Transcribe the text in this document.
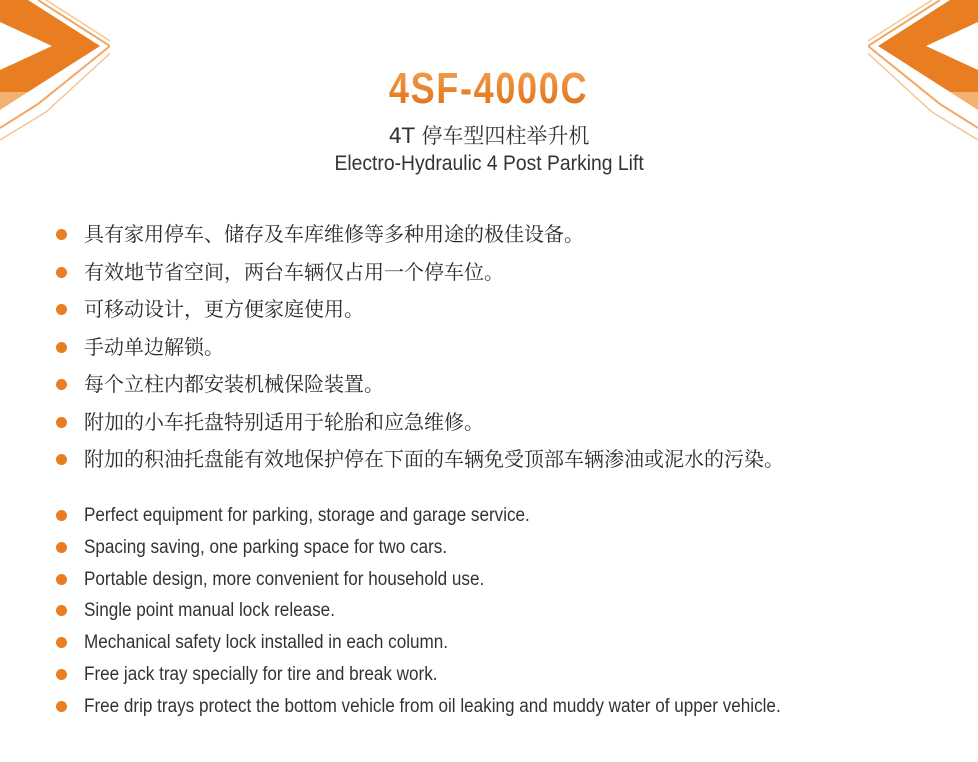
4SF-4000C
4T 停车型四柱举升机
Electro-Hydraulic 4 Post Parking Lift
具有家用停车、储存及车库维修等多种用途的极佳设备。
有效地节省空间，两台车辆仅占用一个停车位。
可移动设计，更方便家庭使用。
手动单边解锁。
每个立柱内都安装机械保险装置。
附加的小车托盘特别适用于轮胎和应急维修。
附加的积油托盘能有效地保护停在下面的车辆免受顶部车辆渗油或泥水的污染。
Perfect equipment for parking, storage and garage service.
Spacing saving, one parking space for two cars.
Portable design, more convenient for household use.
Single point manual lock release.
Mechanical safety lock installed in each column.
Free jack tray specially for tire and break work.
Free drip trays protect the bottom vehicle from oil leaking and muddy water of upper vehicle.
